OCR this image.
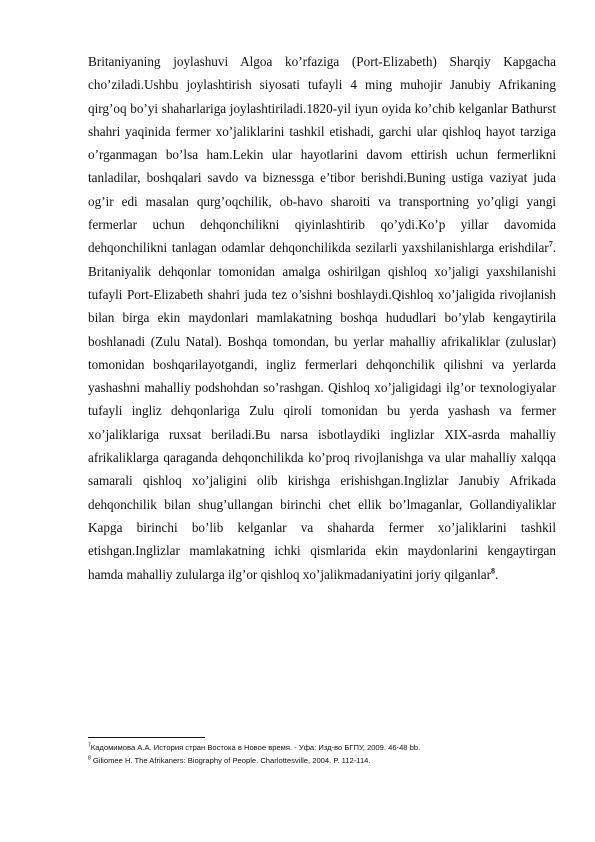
Britaniyaning joylashuvi Algoa ko’rfaziga (Port-Elizabeth) Sharqiy Kapgacha cho’ziladi.Ushbu joylashtirish siyosati tufayli 4 ming muhojir Janubiy Afrikaning qirg’oq bo’yi shaharlariga joylashtiriladi.1820-yil iyun oyida ko’chib kelganlar Bathurst shahri yaqinida fermer xo’jaliklarini tashkil etishadi, garchi ular qishloq hayot tarziga o’rganmagan bo’lsa ham.Lekin ular hayotlarini davom ettirish uchun fermerlikni tanladilar, boshqalari savdo va biznessga e’tibor berishdi.Buning ustiga vaziyat juda og’ir edi masalan qurg’oqchilik, ob-havo sharoiti va transportning yo’qligi yangi fermerlar uchun dehqonchilikni qiyinlashtirib qo’ydi.Ko’p yillar davomida dehqonchilikni tanlagan odamlar dehqonchilikda sezilarli yaxshilanishlarga erishdilar$^7$. Britaniyalik dehqonlar tomonidan amalga oshirilgan qishloq xo’jaligi yaxshilanishi tufayli Port-Elizabeth shahri juda tez o’sishni boshlaydi.Qishloq xo’jaligida rivojlanish bilan birga ekin maydonlari mamlakatning boshqa hududlari bo’ylab kengaytirila boshlanadi (Zulu Natal). Boshqa tomondan, bu yerlar mahalliy afrikaliklar (zuluslar) tomonidan boshqarilayotgandi, ingliz fermerlari dehqonchilik qilishni va yerlarda yashashni mahalliy podshohdan so’rashgan. Qishloq xo’jaligidagi ilg’or texnologiyalar tufayli ingliz dehqonlariga Zulu qiroli tomonidan bu yerda yashash va fermer xo’jaliklariga ruxsat beriladi.Bu narsa isbotlaydiki inglizlar XIX-asrda mahalliy afrikaliklarga qaraganda dehqonchilikda ko’proq rivojlanishga va ular mahalliy xalqqa samarali qishloq xo’jaligini olib kirishga erishishgan.Inglizlar Janubiy Afrikada dehqonchilik bilan shug’ullangan birinchi chet ellik bo’lmaganlar, Gollandiyaliklar Kapga birinchi bo’lib kelganlar va shaharda fermer xo’jaliklarini tashkil etishgan.Inglizlar mamlakatning ichki qismlarida ekin maydonlarini kengaytirgan hamda mahalliy zulularga ilg’or qishloq xo’jalikmadaniyatini joriy qilganlar$^8$.

$^7$Кадомимова А.А. История стран Востока в Новое время. - Уфа: Изд-во БГПУ, 2009. 46-48 bb.

$^8$ Giliomee H. The Afrikaners: Biography of People. Charlottesville, 2004. P. 112-114.
